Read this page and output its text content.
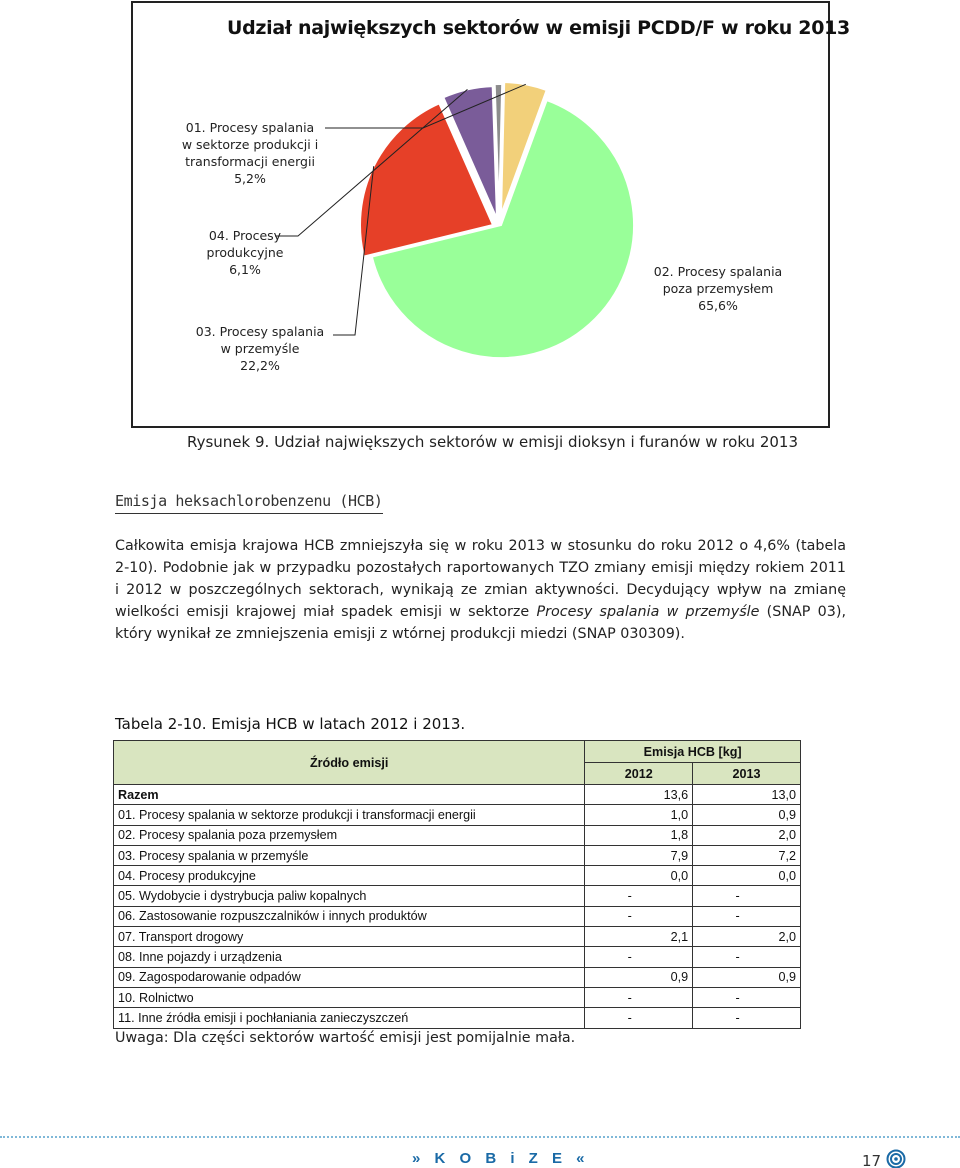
Udział największych sektorów w emisji PCDD/F w roku 2013
01. Procesy spalania
w sektorze produkcji i
transformacji energii
5,2%
04. Procesy
produkcyjne
6,1%
03. Procesy spalania
w przemyśle
22,2%
02. Procesy spalania
poza przemysłem
65,6%
Rysunek 9. Udział największych sektorów w emisji dioksyn i furanów w roku 2013
Emisja heksachlorobenzenu (HCB)

Całkowita emisja krajowa HCB zmniejszyła się w roku 2013 w stosunku do roku 2012 o 4,6% (tabela 2-10). Podobnie jak w przypadku pozostałych raportowanych TZO zmiany emisji między rokiem 2011 i 2012 w poszczególnych sektorach, wynikają ze zmian aktywności. Decydujący wpływ na zmianę wielkości emisji krajowej miał spadek emisji w sektorze Procesy spalania w przemyśle (SNAP 03), który wynikał ze zmniejszenia emisji z wtórnej produkcji miedzi (SNAP 030309).

Tabela 2-10. Emisja HCB w latach 2012 i 2013.
Źródło emisji	Emisja HCB [kg]	
	2012	2013
Razem	13,6	13,0
01. Procesy spalania w sektorze produkcji i transformacji energii	1,0	0,9
02. Procesy spalania poza przemysłem	1,8	2,0
03. Procesy spalania w przemyśle	7,9	7,2
04. Procesy produkcyjne	0,0	0,0
05. Wydobycie i dystrybucja paliw kopalnych	-	-
06. Zastosowanie rozpuszczalników i innych produktów	-	-
07. Transport drogowy	2,1	2,0
08. Inne pojazdy i urządzenia	-	-
09. Zagospodarowanie odpadów	0,9	0,9
10. Rolnictwo	-	-
11. Inne źródła emisji i pochłaniania zanieczyszczeń	-	-
Uwaga: Dla części sektorów wartość emisji jest pomijalnie mała.
» K O B i Z E «	17
